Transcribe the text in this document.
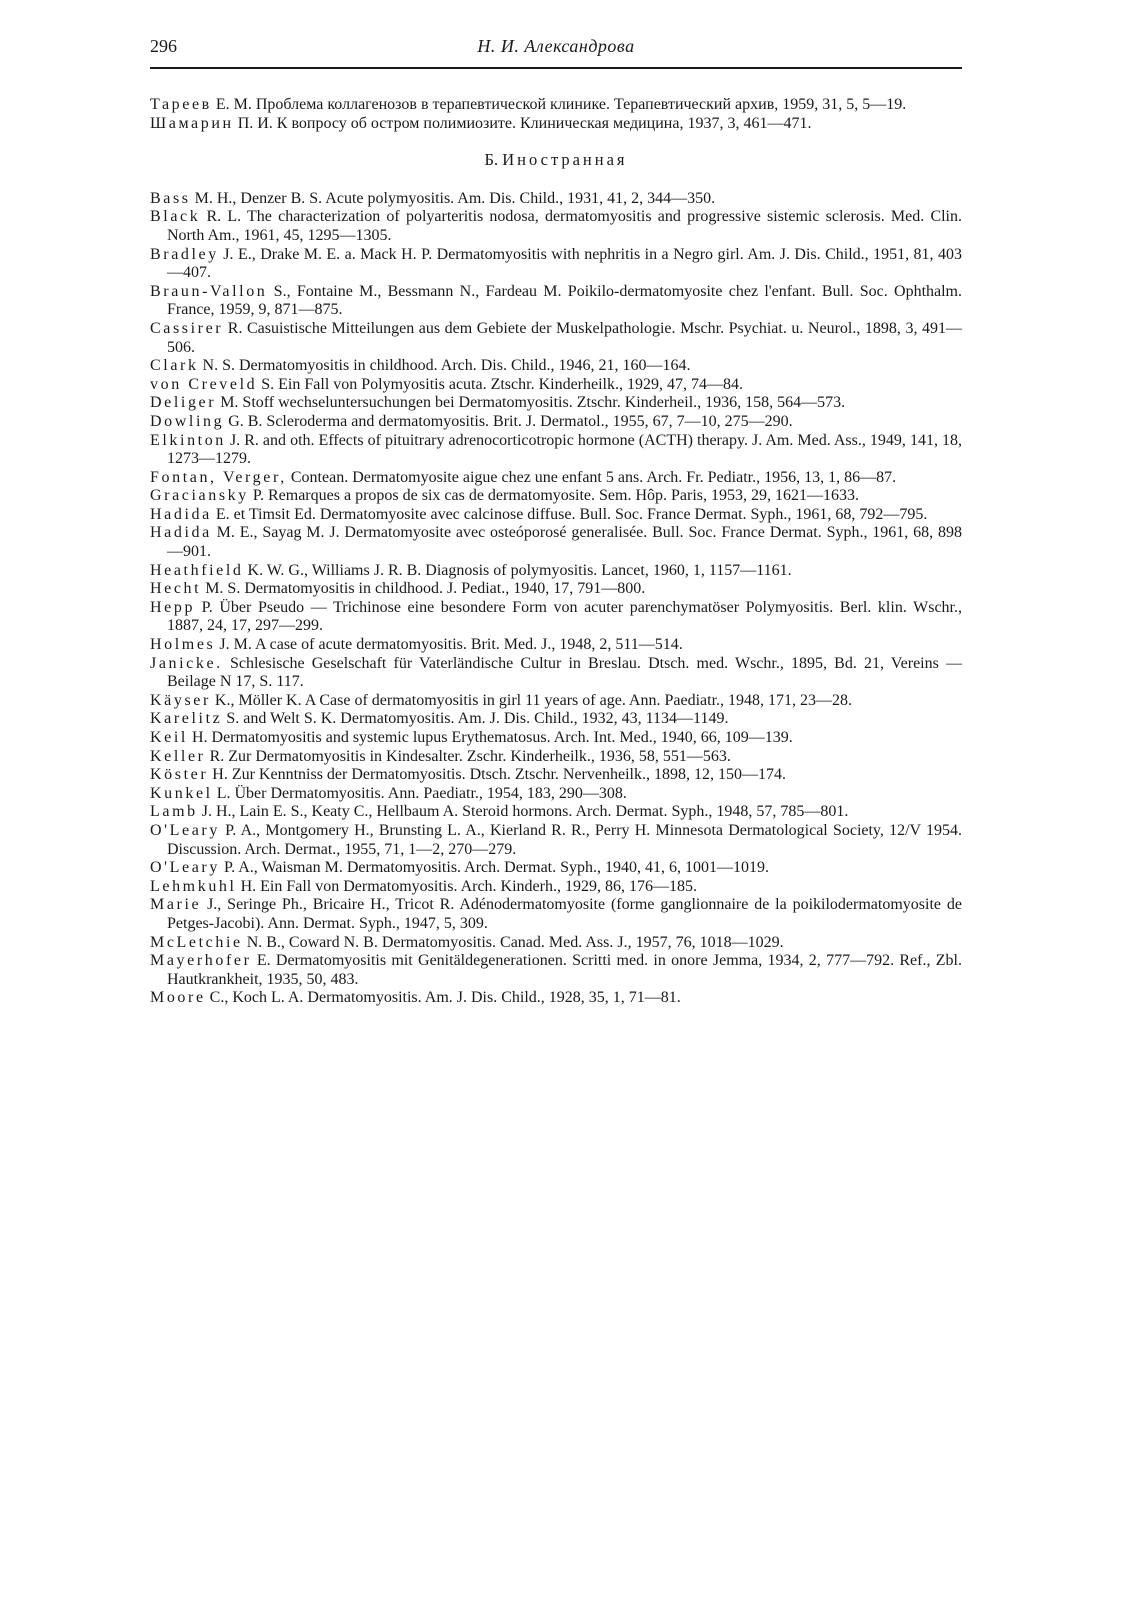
296	Н. И. Александрова

Тареев Е. М. Проблема коллагенозов в терапевтической клинике. Терапевтический архив, 1959, 31, 5, 5—19.

Шамарин П. И. К вопросу об остром полимиозите. Клиническая медицина, 1937, 3, 461—471.

Б. Иностранная

Bass M. H., Denzer B. S. Acute polymyositis. Am. Dis. Child., 1931, 41, 2, 344—350.

Black R. L. The characterization of polyarteritis nodosa, dermatomyositis and progressive sistemic sclerosis. Med. Clin. North Am., 1961, 45, 1295—1305.

Bradley J. E., Drake M. E. a. Mack H. P. Dermatomyositis with nephritis in a Negro girl. Am. J. Dis. Child., 1951, 81, 403—407.

Braun-Vallon S., Fontaine M., Bessmann N., Fardeau M. Poikilo-dermatomyosite chez l'enfant. Bull. Soc. Ophthalm. France, 1959, 9, 871—875.

Cassirer R. Casuistische Mitteilungen aus dem Gebiete der Muskelpathologie. Mschr. Psychiat. u. Neurol., 1898, 3, 491—506.

Clark N. S. Dermatomyositis in childhood. Arch. Dis. Child., 1946, 21, 160—164.

von Creveld S. Ein Fall von Polymyositis acuta. Ztschr. Kinderheilk., 1929, 47, 74—84.

Deliger M. Stoff wechseluntersuchungen bei Dermatomyositis. Ztschr. Kinderheil., 1936, 158, 564—573.

Dowling G. B. Scleroderma and dermatomyositis. Brit. J. Dermatol., 1955, 67, 7—10, 275—290.

Elkinton J. R. and oth. Effects of pituitrary adrenocorticotropic hormone (ACTH) therapy. J. Am. Med. Ass., 1949, 141, 18, 1273—1279.

Fontan, Verger, Contean. Dermatomyosite aigue chez une enfant 5 ans. Arch. Fr. Pediatr., 1956, 13, 1, 86—87.

Graciansky P. Remarques a propos de six cas de dermatomyosite. Sem. Hôp. Paris, 1953, 29, 1621—1633.

Hadida E. et Timsit Ed. Dermatomyosite avec calcinose diffuse. Bull. Soc. France Dermat. Syph., 1961, 68, 792—795.

Hadida M. E., Sayag M. J. Dermatomyosite avec osteóporosé generalisée. Bull. Soc. France Dermat. Syph., 1961, 68, 898—901.

Heathfield K. W. G., Williams J. R. B. Diagnosis of polymyositis. Lancet, 1960, 1, 1157—1161.

Hecht M. S. Dermatomyositis in childhood. J. Pediat., 1940, 17, 791—800.

Hepp P. Über Pseudo — Trichinose eine besondere Form von acuter parenchymatöser Polymyositis. Berl. klin. Wschr., 1887, 24, 17, 297—299.

Holmes J. M. A case of acute dermatomyositis. Brit. Med. J., 1948, 2, 511—514.

Janicke. Schlesische Geselschaft für Vaterländische Cultur in Breslau. Dtsch. med. Wschr., 1895, Bd. 21, Vereins — Beilage N 17, S. 117.

Käyser K., Möller K. A Case of dermatomyositis in girl 11 years of age. Ann. Paediatr., 1948, 171, 23—28.

Karelitz S. and Welt S. K. Dermatomyositis. Am. J. Dis. Child., 1932, 43, 1134—1149.

Keil H. Dermatomyositis and systemic lupus Erythematosus. Arch. Int. Med., 1940, 66, 109—139.

Keller R. Zur Dermatomyositis in Kindesalter. Zschr. Kinderheilk., 1936, 58, 551—563.

Köster H. Zur Kenntniss der Dermatomyositis. Dtsch. Ztschr. Nervenheilk., 1898, 12, 150—174.

Kunkel L. Über Dermatomyositis. Ann. Paediatr., 1954, 183, 290—308.

Lamb J. H., Lain E. S., Keaty C., Hellbaum A. Steroid hormons. Arch. Dermat. Syph., 1948, 57, 785—801.

O'Leary P. A., Montgomery H., Brunsting L. A., Kierland R. R., Perry H. Minnesota Dermatological Society, 12/V 1954. Discussion. Arch. Dermat., 1955, 71, 1—2, 270—279.

O'Leary P. A., Waisman M. Dermatomyositis. Arch. Dermat. Syph., 1940, 41, 6, 1001—1019.

Lehmkuhl H. Ein Fall von Dermatomyositis. Arch. Kinderh., 1929, 86, 176—185.

Marie J., Seringe Ph., Bricaire H., Tricot R. Adénodermatomyosite (forme ganglionnaire de la poikilodermatomyosite de Petges-Jacobi). Ann. Dermat. Syph., 1947, 5, 309.

McLetchie N. B., Coward N. B. Dermatomyositis. Canad. Med. Ass. J., 1957, 76, 1018—1029.

Mayerhofer E. Dermatomyositis mit Genitäldegenerationen. Scritti med. in onore Jemma, 1934, 2, 777—792. Ref., Zbl. Hautkrankheit, 1935, 50, 483.

Moore C., Koch L. A. Dermatomyositis. Am. J. Dis. Child., 1928, 35, 1, 71—81.
